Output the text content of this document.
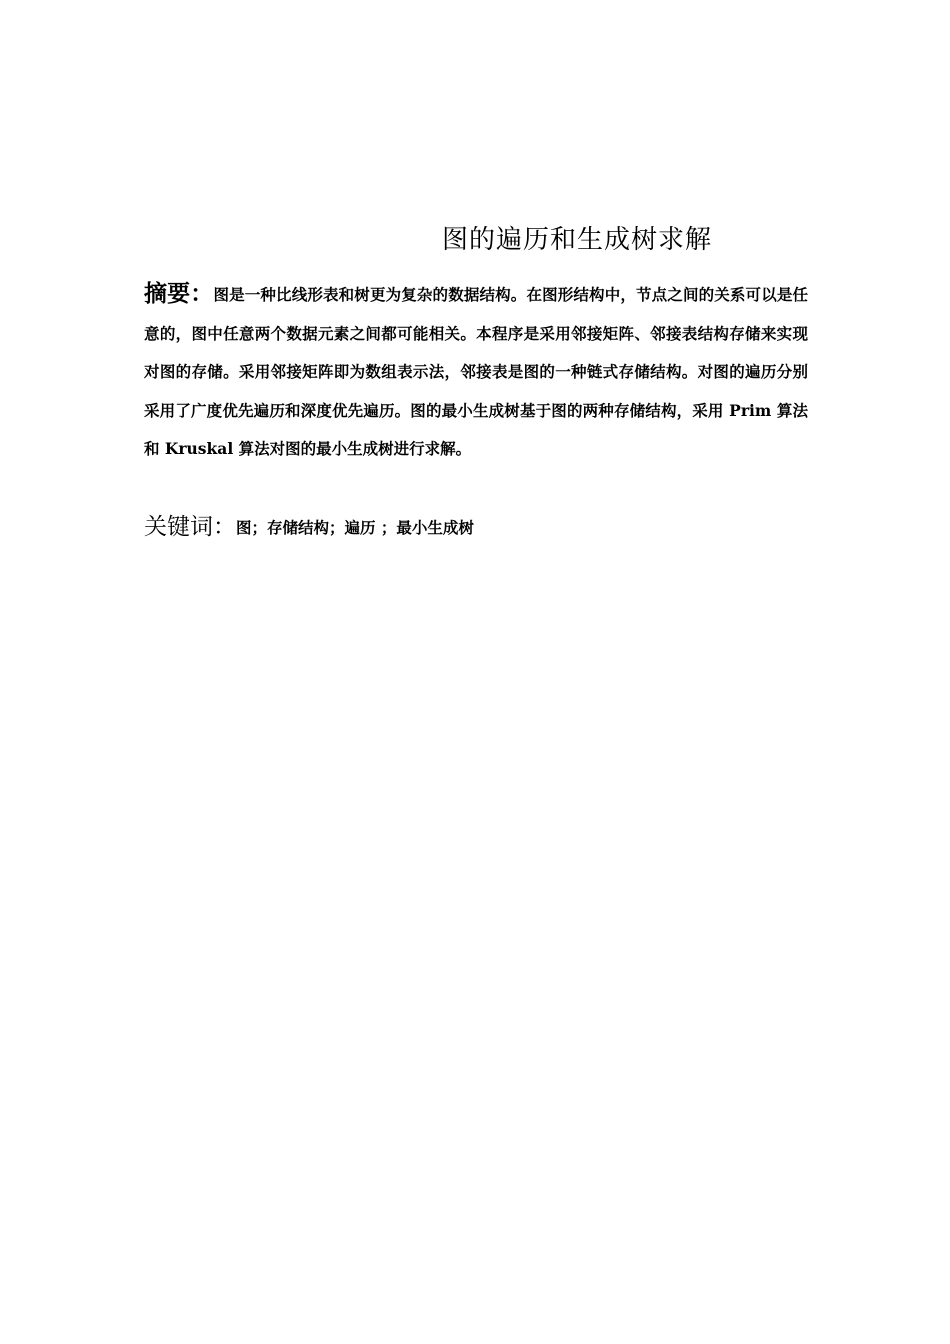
图的遍历和生成树求解

摘要：图是一种比线形表和树更为复杂的数据结构。在图形结构中，节点之间的关系可以是任意的，图中任意两个数据元素之间都可能相关。本程序是采用邻接矩阵、邻接表结构存储来实现对图的存储。采用邻接矩阵即为数组表示法，邻接表是图的一种链式存储结构。对图的遍历分别采用了广度优先遍历和深度优先遍历。图的最小生成树基于图的两种存储结构，采用 Prim 算法和 Kruskal 算法对图的最小生成树进行求解。

关键词：图；存储结构；遍历 ；最小生成树
